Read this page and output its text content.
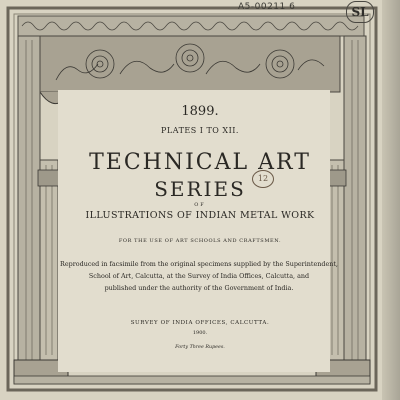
A5-00211 6	SL
1899.
PLATES I TO XII.
TECHNICAL ART
SERIES
OF
ILLUSTRATIONS OF INDIAN METAL WORK
12
FOR THE USE OF ART SCHOOLS AND CRAFTSMEN.
Reproduced in facsimile from the original specimens supplied by the Superintendent,
School of Art, Calcutta, at the Survey of India Offices, Calcutta, and
published under the authority of the Government of India.
SURVEY OF INDIA OFFICES, CALCUTTA.
1900.
Forty Three Rupees.
